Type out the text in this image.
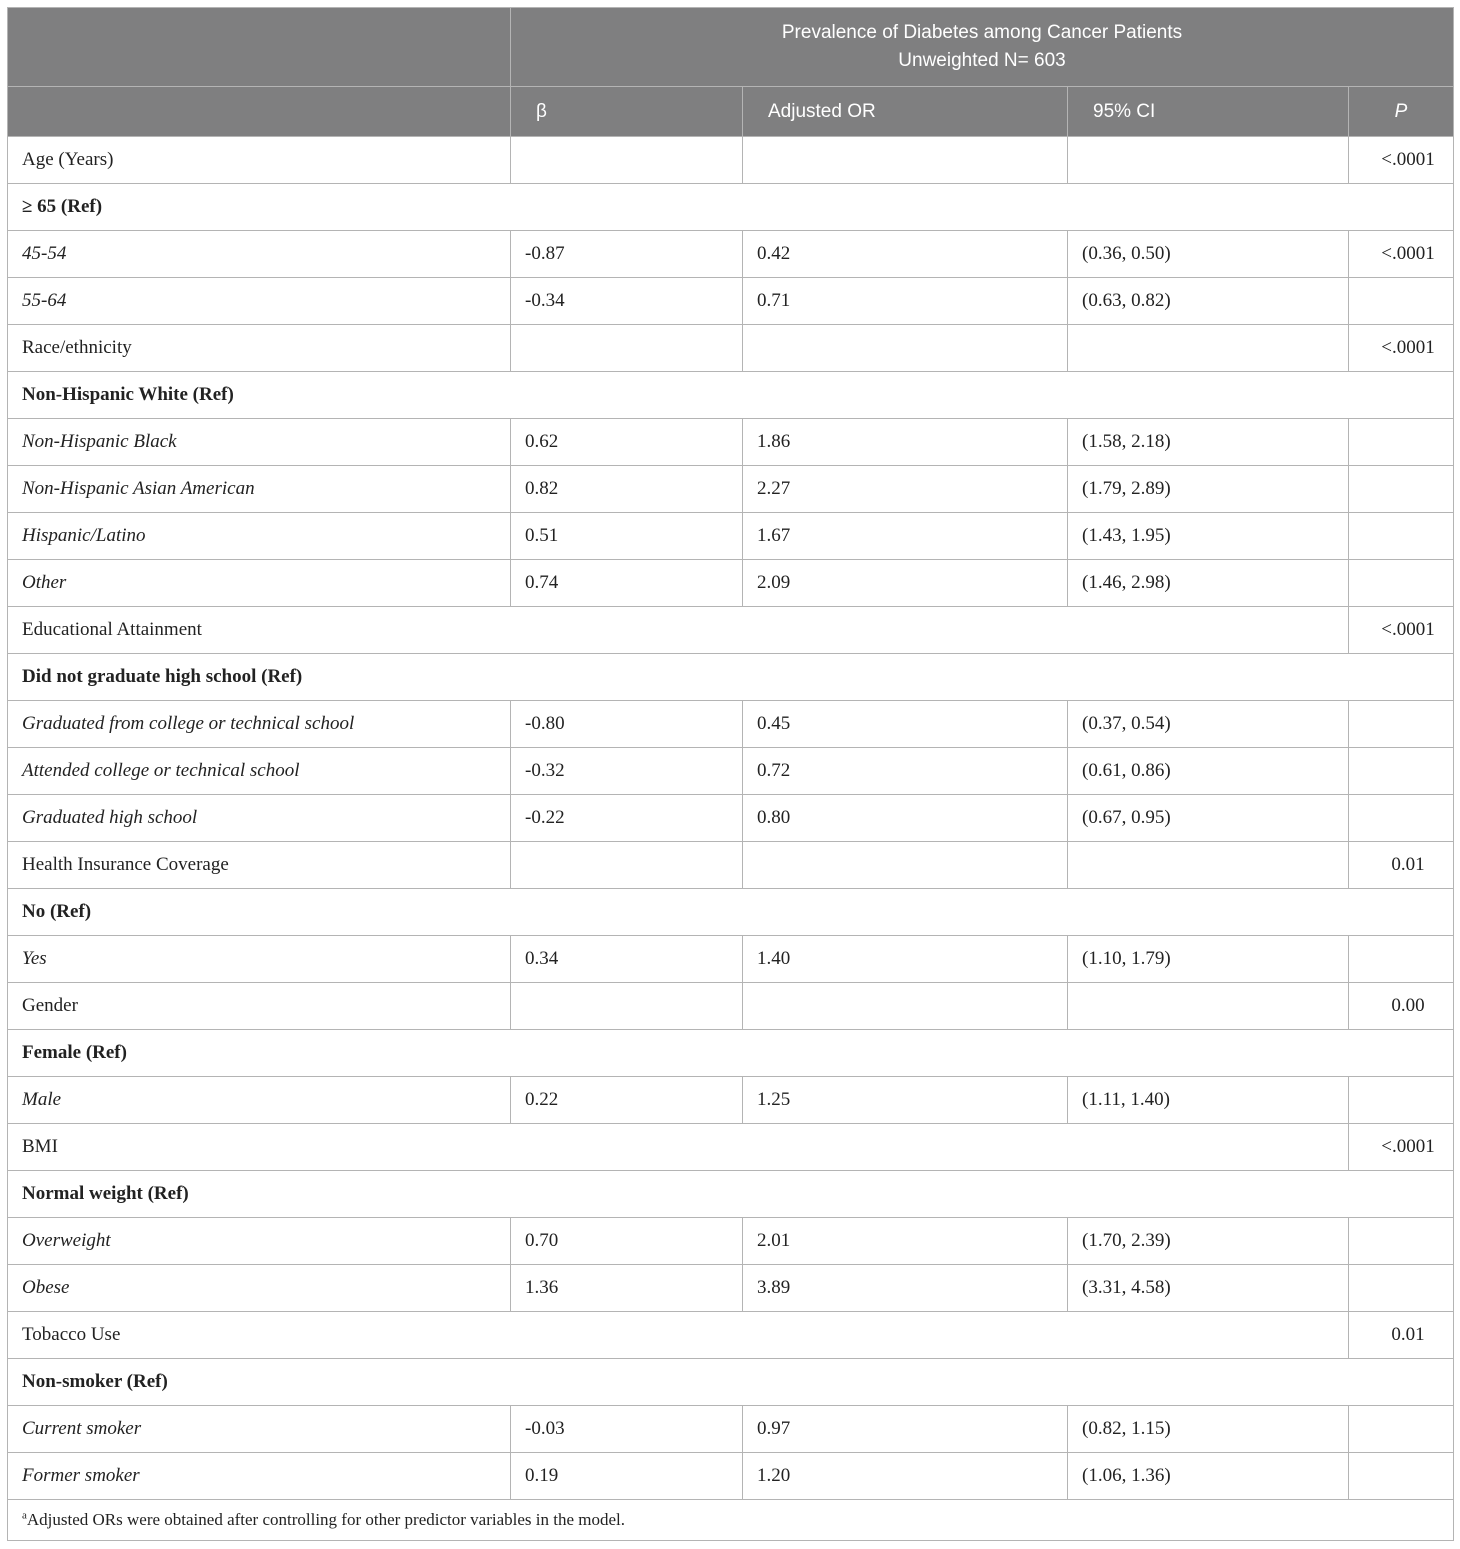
	Prevalence of Diabetes among Cancer Patients
Unweighted N= 603			

	β	Adjusted OR	95% CI	P
Age (Years)				<.0001
≥ 65 (Ref)				
45-54	-0.87	0.42	(0.36, 0.50)	<.0001
55-64	-0.34	0.71	(0.63, 0.82)	
Race/ethnicity				<.0001
Non-Hispanic White (Ref)				
Non-Hispanic Black	0.62	1.86	(1.58, 2.18)	
Non-Hispanic Asian American	0.82	2.27	(1.79, 2.89)	
Hispanic/Latino	0.51	1.67	(1.43, 1.95)	
Other	0.74	2.09	(1.46, 2.98)	
Educational Attainment				<.0001
Did not graduate high school (Ref)				
Graduated from college or technical school	-0.80	0.45	(0.37, 0.54)	
Attended college or technical school	-0.32	0.72	(0.61, 0.86)	
Graduated high school	-0.22	0.80	(0.67, 0.95)	
Health Insurance Coverage				0.01
No (Ref)				
Yes	0.34	1.40	(1.10, 1.79)	
Gender				0.00
Female (Ref)				
Male	0.22	1.25	(1.11, 1.40)	
BMI				<.0001
Normal weight (Ref)				
Overweight	0.70	2.01	(1.70, 2.39)	
Obese	1.36	3.89	(3.31, 4.58)	
Tobacco Use				0.01
Non-smoker (Ref)				
Current smoker	-0.03	0.97	(0.82, 1.15)	
Former smoker	0.19	1.20	(1.06, 1.36)	
$^a$Adjusted ORs were obtained after controlling for other predictor variables in the model.				
